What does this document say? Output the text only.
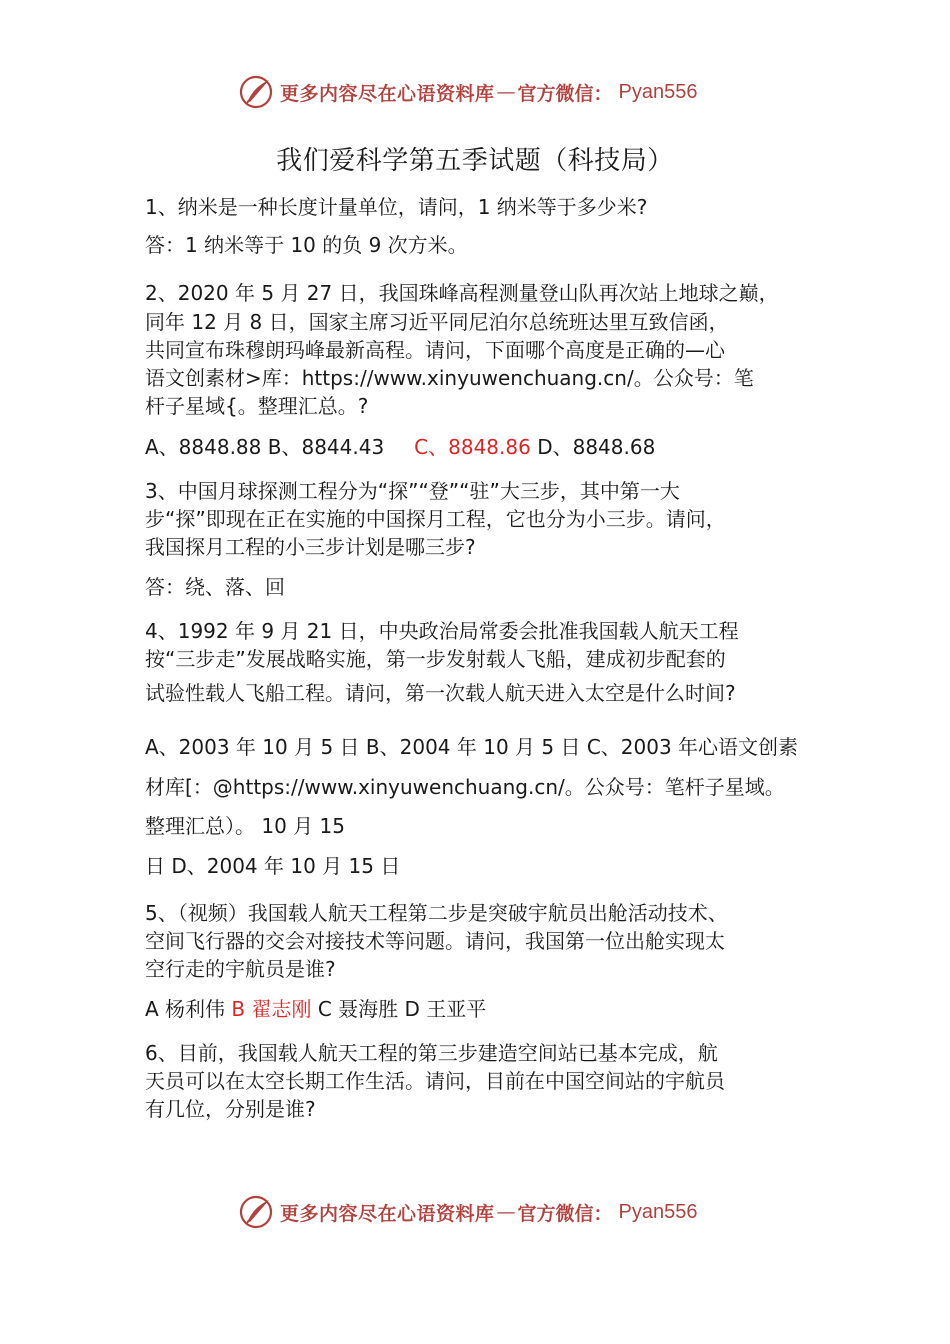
更多内容尽在心语资料库 — 官方微信： Pyan556
我们爱科学第五季试题（科技局）
1、纳米是一种长度计量单位，请问，1 纳米等于多少米?
答：1 纳米等于 10 的负 9 次方米。
2、2020 年 5 月 27 日，我国珠峰高程测量登山队再次站上地球之巅，
同年 12 月 8 日，国家主席习近平同尼泊尔总统班达里互致信函，
共同宣布珠穆朗玛峰最新高程。请问，下面哪个高度是正确的—心
语文创素材>库：https://www.xinyuwenchuang.cn/。公众号：笔
杆子星域{。整理汇总。?
A、8848.88 B、8844.43 C、8848.86 D、8848.68
3、中国月球探测工程分为“探”“登”“驻”大三步，其中第一大
步“探”即现在正在实施的中国探月工程，它也分为小三步。请问，
我国探月工程的小三步计划是哪三步?
答：绕、落、回
4、1992 年 9 月 21 日，中央政治局常委会批准我国载人航天工程
按“三步走”发展战略实施，第一步发射载人飞船，建成初步配套的
试验性载人飞船工程。请问，第一次载人航天进入太空是什么时间?
A、2003 年 10 月 5 日 B、2004 年 10 月 5 日 C、2003 年心语文创素
材库[：@https://www.xinyuwenchuang.cn/。公众号：笔杆子星域。
整理汇总）。 10 月 15
日 D、2004 年 10 月 15 日
5、（视频）我国载人航天工程第二步是突破宇航员出舱活动技术、
空间飞行器的交会对接技术等问题。请问，我国第一位出舱实现太
空行走的宇航员是谁?
A 杨利伟 B 翟志刚 C 聂海胜 D 王亚平
6、目前，我国载人航天工程的第三步建造空间站已基本完成，航
天员可以在太空长期工作生活。请问，目前在中国空间站的宇航员
有几位，分别是谁?
更多内容尽在心语资料库 — 官方微信： Pyan556
